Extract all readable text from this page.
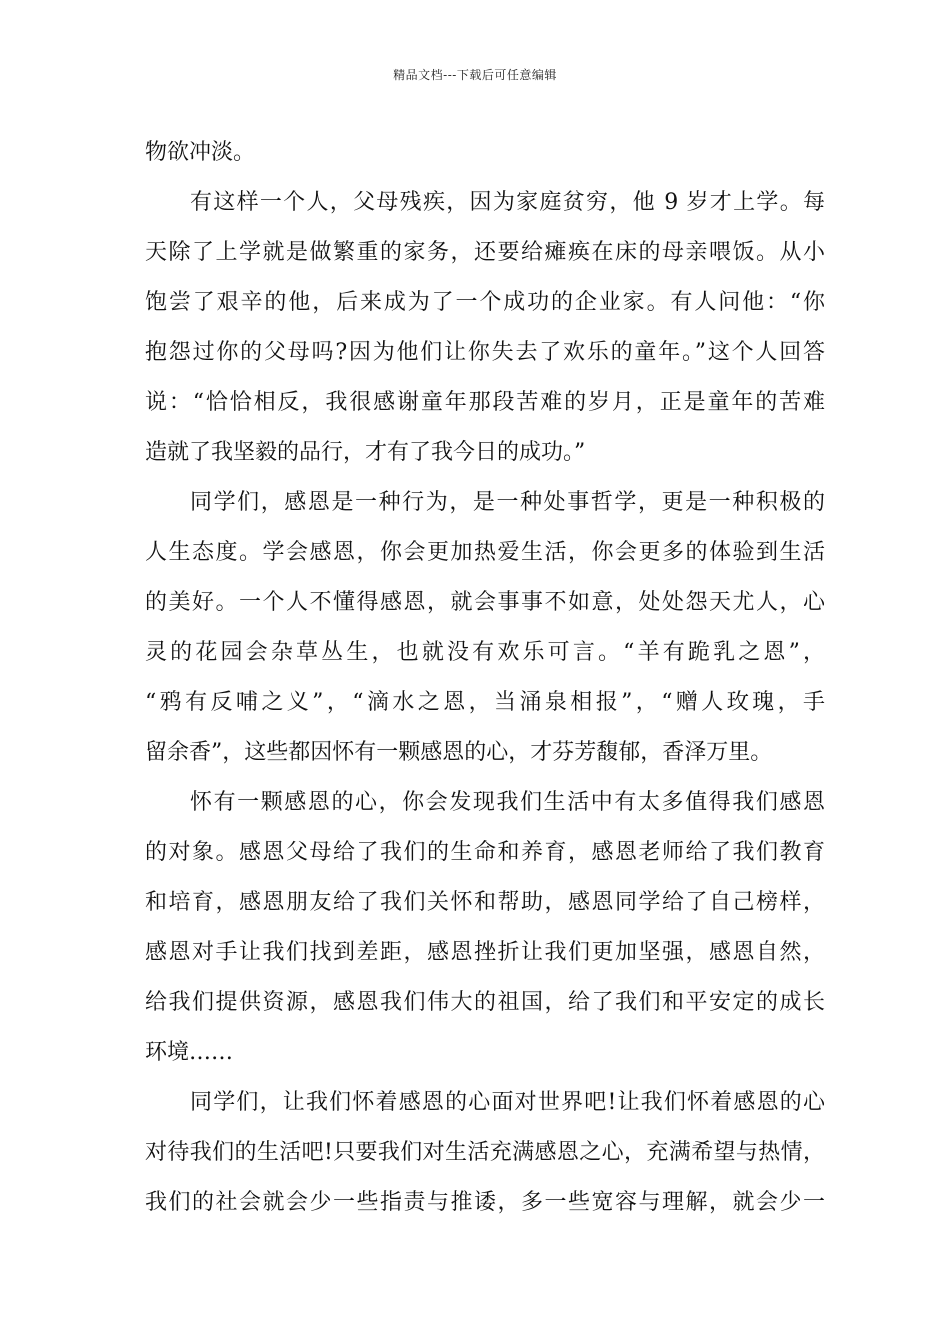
精品文档---下载后可任意编辑
物欲冲淡。
有这样一个人，父母残疾，因为家庭贫穷，他 9 岁才上学。每
天除了上学就是做繁重的家务，还要给瘫痪在床的母亲喂饭。从小
饱尝了艰辛的他，后来成为了一个成功的企业家。有人问他：“你
抱怨过你的父母吗?因为他们让你失去了欢乐的童年。”这个人回答
说：“恰恰相反，我很感谢童年那段苦难的岁月，正是童年的苦难
造就了我坚毅的品行，才有了我今日的成功。”
同学们，感恩是一种行为，是一种处事哲学，更是一种积极的
人生态度。学会感恩，你会更加热爱生活，你会更多的体验到生活
的美好。一个人不懂得感恩，就会事事不如意，处处怨天尤人，心
灵的花园会杂草丛生，也就没有欢乐可言。“羊有跪乳之恩”，
“鸦有反哺之义”，“滴水之恩，当涌泉相报”，“赠人玫瑰，手
留余香”，这些都因怀有一颗感恩的心，才芬芳馥郁，香泽万里。
怀有一颗感恩的心，你会发现我们生活中有太多值得我们感恩
的对象。感恩父母给了我们的生命和养育，感恩老师给了我们教育
和培育，感恩朋友给了我们关怀和帮助，感恩同学给了自己榜样，
感恩对手让我们找到差距，感恩挫折让我们更加坚强，感恩自然，
给我们提供资源，感恩我们伟大的祖国，给了我们和平安定的成长
环境……
同学们，让我们怀着感恩的心面对世界吧!让我们怀着感恩的心
对待我们的生活吧!只要我们对生活充满感恩之心，充满希望与热情，
我们的社会就会少一些指责与推诿，多一些宽容与理解，就会少一
